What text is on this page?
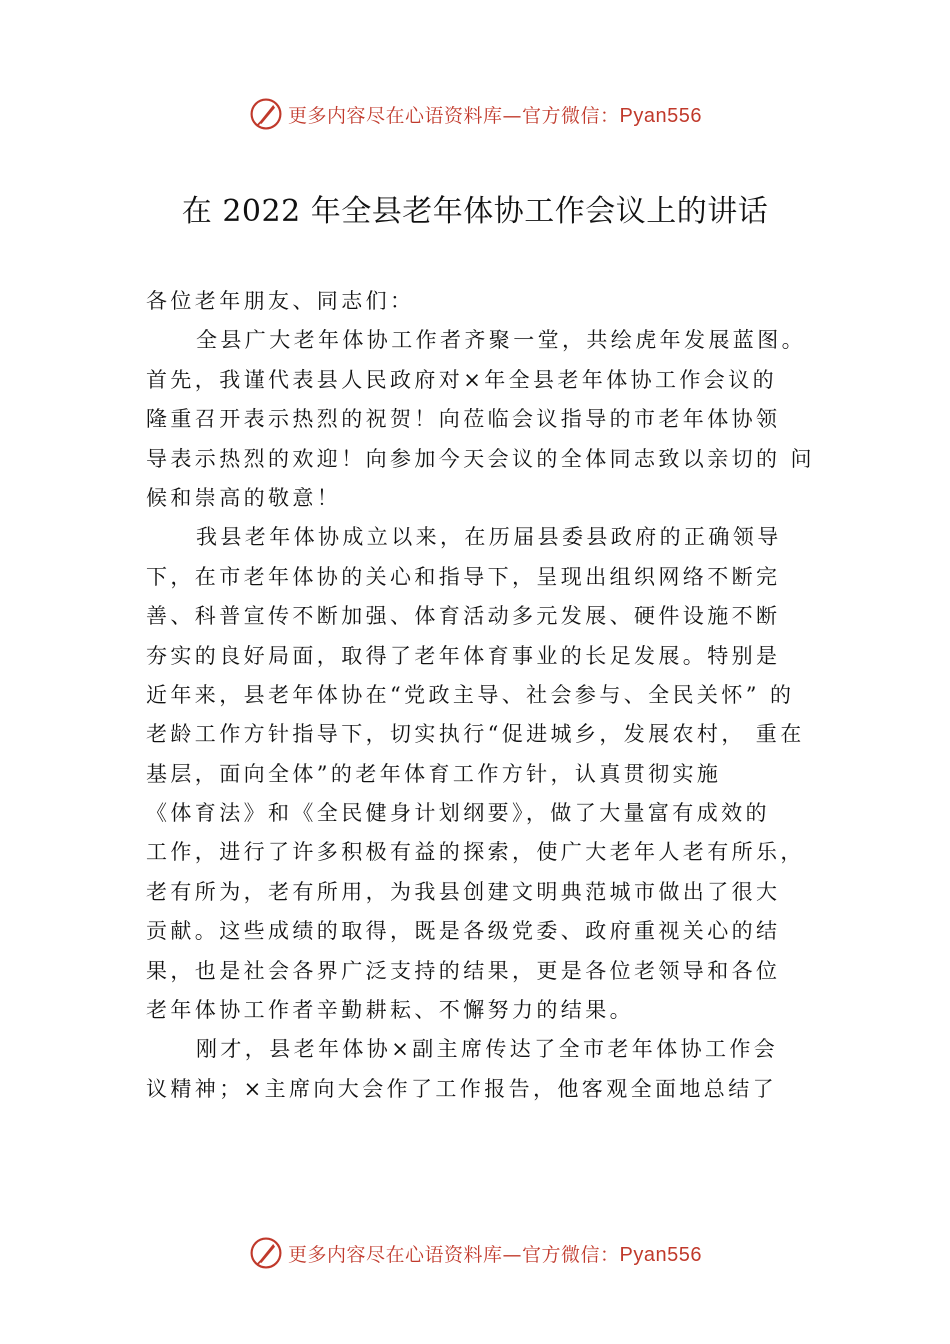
更多内容尽在心语资料库—官方微信：Pyan556
在 2022 年全县老年体协工作会议上的讲话
各位老年朋友、同志们：
全县广大老年体协工作者齐聚一堂，共绘虎年发展蓝图。
首先，我谨代表县人民政府对×年全县老年体协工作会议的
隆重召开表示热烈的祝贺！向莅临会议指导的市老年体协领
导表示热烈的欢迎！向参加今天会议的全体同志致以亲切的 问
候和崇高的敬意！
我县老年体协成立以来，在历届县委县政府的正确领导
下，在市老年体协的关心和指导下，呈现出组织网络不断完
善、科普宣传不断加强、体育活动多元发展、硬件设施不断
夯实的良好局面，取得了老年体育事业的长足发展。特别是
近年来，县老年体协在“党政主导、社会参与、全民关怀” 的
老龄工作方针指导下，切实执行“促进城乡，发展农村， 重在
基层，面向全体”的老年体育工作方针，认真贯彻实施
《体育法》和《全民健身计划纲要》，做了大量富有成效的
工作，进行了许多积极有益的探索，使广大老年人老有所乐，
老有所为，老有所用，为我县创建文明典范城市做出了很大
贡献。这些成绩的取得，既是各级党委、政府重视关心的结
果，也是社会各界广泛支持的结果，更是各位老领导和各位
老年体协工作者辛勤耕耘、不懈努力的结果。
刚才，县老年体协×副主席传达了全市老年体协工作会
议精神；×主席向大会作了工作报告，他客观全面地总结了
更多内容尽在心语资料库—官方微信：Pyan556
